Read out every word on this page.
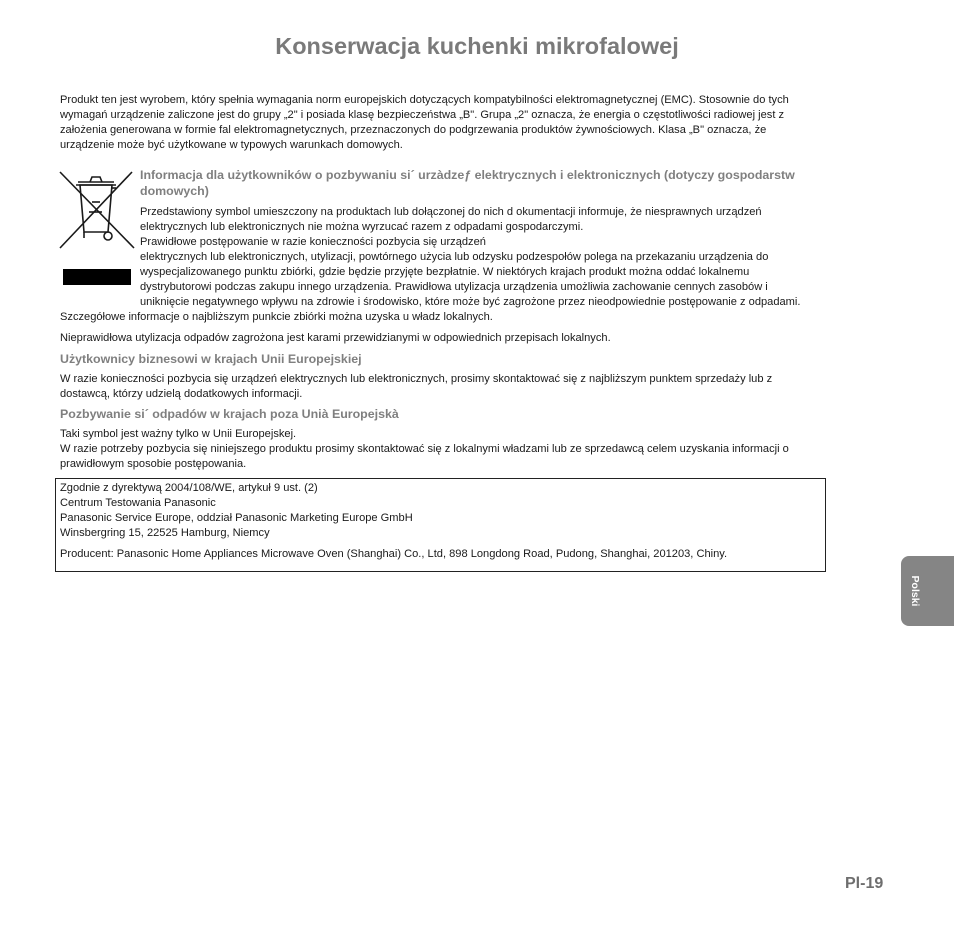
Konserwacja kuchenki mikrofalowej
Produkt ten jest wyrobem, który spełnia wymagania norm europejskich dotyczących kompatybilności elektromagnetycznej (EMC). Stosownie do tych
wymagań urządzenie zaliczone jest do grupy „2" i posiada klasę bezpieczeństwa „B". Grupa „2" oznacza, że energia o częstotliwości radiowej jest z
założenia generowana w formie fal elektromagnetycznych, przeznaczonych do podgrzewania produktów żywnościowych. Klasa „B" oznacza, że
urządzenie może być użytkowane w typowych warunkach domowych.
Informacja dla użytkowników o pozbywaniu si´ urzàdzeƒ elektrycznych i elektronicznych (dotyczy gospodarstw
domowych)
Przedstawiony symbol umieszczony na produktach lub dołączonej do nich d okumentacji informuje, że niesprawnych urządzeń
elektrycznych lub elektronicznych nie można wyrzucać razem z odpadami gospodarczymi.
Prawidłowe postępowanie w razie konieczności pozbycia się urządzeń
elektrycznych lub elektronicznych, utylizacji, powtórnego użycia lub odzysku podzespołów polega na przekazaniu urządzenia do
wyspecjalizowanego punktu zbiórki, gdzie będzie przyjęte bezpłatnie. W niektórych krajach produkt można oddać lokalnemu
dystrybutorowi podczas zakupu innego urządzenia. Prawidłowa utylizacja urządzenia umożliwia zachowanie cennych zasobów i
uniknięcie negatywnego wpływu na zdrowie i środowisko, które może być zagrożone przez nieodpowiednie postępowanie z odpadami.
Szczegółowe informacje o najbliższym punkcie zbiórki można uzyska u władz lokalnych.
Nieprawidłowa utylizacja odpadów zagrożona jest karami przewidzianymi w odpowiednich przepisach lokalnych.
Użytkownicy biznesowi w krajach Unii Europejskiej
W razie konieczności pozbycia się urządzeń elektrycznych lub elektronicznych, prosimy skontaktować się z najbliższym punktem sprzedaży lub z
dostawcą, którzy udzielą dodatkowych informacji.
Pozbywanie si´ odpadów w krajach poza Unià Europejskà
Taki symbol jest ważny tylko w Unii Europejskej.
W razie potrzeby pozbycia się niniejszego produktu prosimy skontaktować się z lokalnymi władzami lub ze sprzedawcą celem uzyskania informacji o
prawidłowym sposobie postępowania.
Zgodnie z dyrektywą 2004/108/WE, artykuł 9 ust. (2)
Centrum Testowania Panasonic
Panasonic Service Europe, oddział Panasonic Marketing Europe GmbH
Winsbergring 15, 22525 Hamburg, Niemcy
Producent: Panasonic Home Appliances Microwave Oven (Shanghai) Co., Ltd, 898 Longdong Road, Pudong, Shanghai, 201203, Chiny.
Polski
Pl-19
